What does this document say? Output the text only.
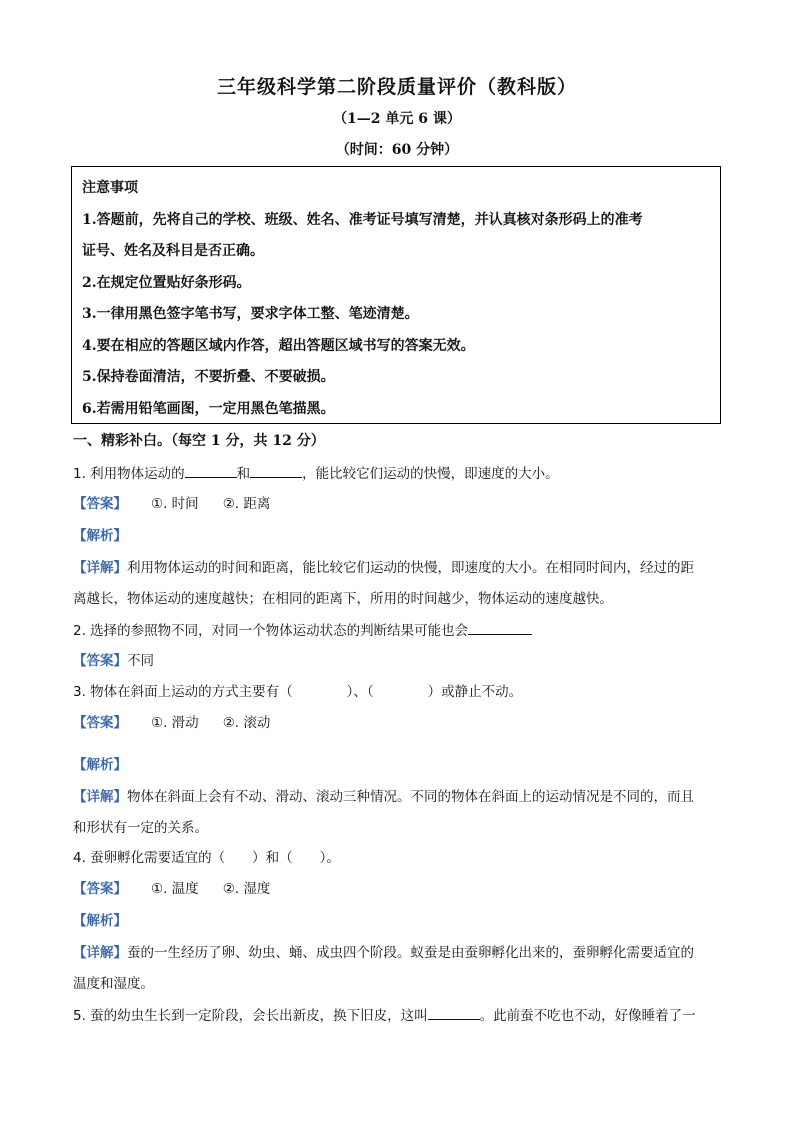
三年级科学第二阶段质量评价（教科版）
（1—2 单元 6 课）
（时间：60 分钟）
注意事项
1.答题前，先将自己的学校、班级、姓名、准考证号填写清楚，并认真核对条形码上的准考
证号、姓名及科目是否正确。
2.在规定位置贴好条形码。
3.一律用黑色签字笔书写，要求字体工整、笔迹清楚。
4.要在相应的答题区域内作答，超出答题区域书写的答案无效。
5.保持卷面清洁，不要折叠、不要破损。
6.若需用铅笔画图，一定用黑色笔描黑。
一、精彩补白。（每空 1 分，共 12 分）
1. 利用物体运动的	和	，能比较它们运动的快慢，即速度的大小。
【答案】 ①. 时间 ②. 距离
【解析】
【详解】利用物体运动的时间和距离，能比较它们运动的快慢，即速度的大小。在相同时间内，经过的距
离越长，物体运动的速度越快；在相同的距离下，所用的时间越少，物体运动的速度越快。
2. 选择的参照物不同，对同一个物体运动状态的判断结果可能也会
【答案】不同
3. 物体在斜面上运动的方式主要有（　　　　）、（　　　　）或静止不动。
【答案】 ①. 滑动 ②. 滚动
【解析】
【详解】物体在斜面上会有不动、滑动、滚动三种情况。不同的物体在斜面上的运动情况是不同的，而且
和形状有一定的关系。
4. 蚕卵孵化需要适宜的（　　）和（　　）。
【答案】 ①. 温度 ②. 湿度
【解析】
【详解】蚕的一生经历了卵、幼虫、蛹、成虫四个阶段。蚁蚕是由蚕卵孵化出来的，蚕卵孵化需要适宜的
温度和湿度。
5. 蚕的幼虫生长到一定阶段，会长出新皮，换下旧皮，这叫	。此前蚕不吃也不动，好像睡着了一
